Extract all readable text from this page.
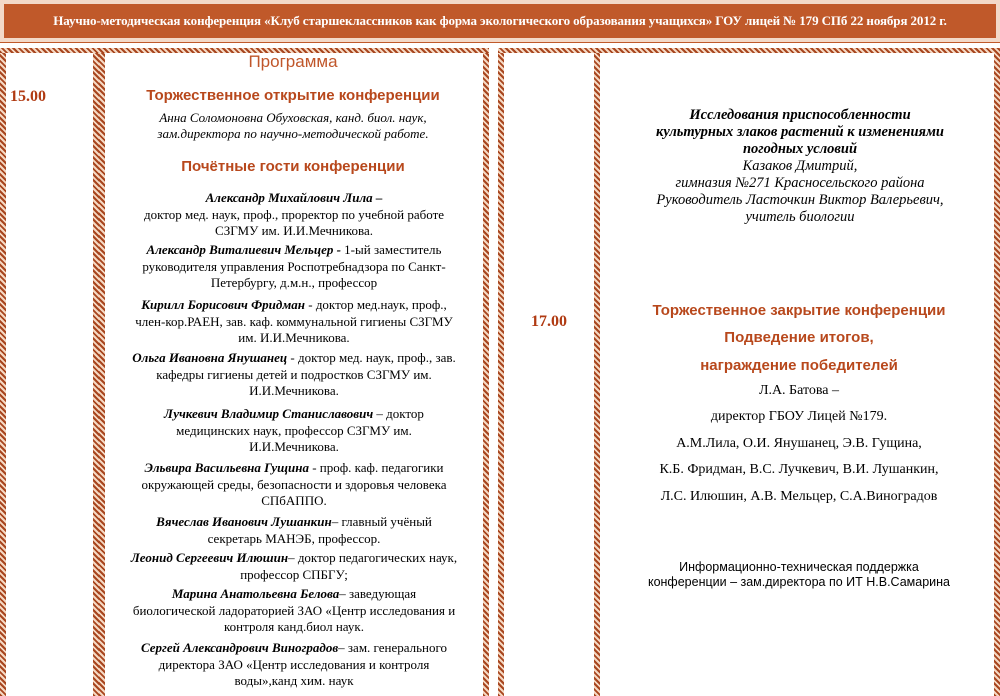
Научно-методическая конференция «Клуб старшеклассников как форма экологического образования учащихся» ГОУ лицей № 179 СПб 22 ноября 2012 г.
15.00
Программа
Торжественное открытие конференции
Анна Соломоновна Обуховская, канд. биол. наук,
зам.директора по научно-методической работе.
Почётные гости конференции
Александр Михайлович Лила –
доктор мед. наук, проф., проректор по учебной работе
СЗГМУ им. И.И.Мечникова.
Александр Виталиевич Мельцер - 1-ый заместитель
руководителя управления Роспотребнадзора по Санкт-
Петербургу, д.м.н., профессор
Кирилл Борисович Фридман - доктор мед.наук, проф.,
член-кор.РАЕН, зав. каф. коммунальной гигиены СЗГМУ
им. И.И.Мечникова.
Ольга Ивановна Янушанец - доктор мед. наук, проф., зав.
кафедры гигиены детей и подростков СЗГМУ им.
И.И.Мечникова.
Лучкевич Владимир Станиславович – доктор
медицинских наук, профессор СЗГМУ им.
И.И.Мечникова.
Эльвира Васильевна Гущина - проф. каф. педагогики
окружающей среды, безопасности и здоровья человека
СПбАППО.
Вячеслав Иванович Лушанкин– главный учёный
секретарь МАНЭБ, профессор.
Леонид Сергеевич Илюшин– доктор педагогических наук,
профессор СПБГУ;
Марина Анатольевна Белова– заведующая
биологической ладораторией ЗАО «Центр исследования и
контроля канд.биол наук.
Сергей Александрович Виноградов– зам. генерального
директора ЗАО «Центр исследования и контроля
воды»,канд хим. наук
Исследования приспособленности
культурных злаков растений к изменениями
погодных условий
Казаков Дмитрий,
гимназия №271 Красносельского района
Руководитель Ласточкин Виктор Валерьевич,
учитель биологии
17.00
Торжественное закрытие конференции
Подведение итогов,
награждение победителей
Л.А. Батова –
директор ГБОУ Лицей №179.
А.М.Лила, О.И. Янушанец, Э.В. Гущина,
К.Б. Фридман, В.С. Лучкевич, В.И. Лушанкин,
Л.С. Илюшин, А.В. Мельцер, С.А.Виноградов
Информационно-техническая поддержка
конференции – зам.директора по ИТ Н.В.Самарина
